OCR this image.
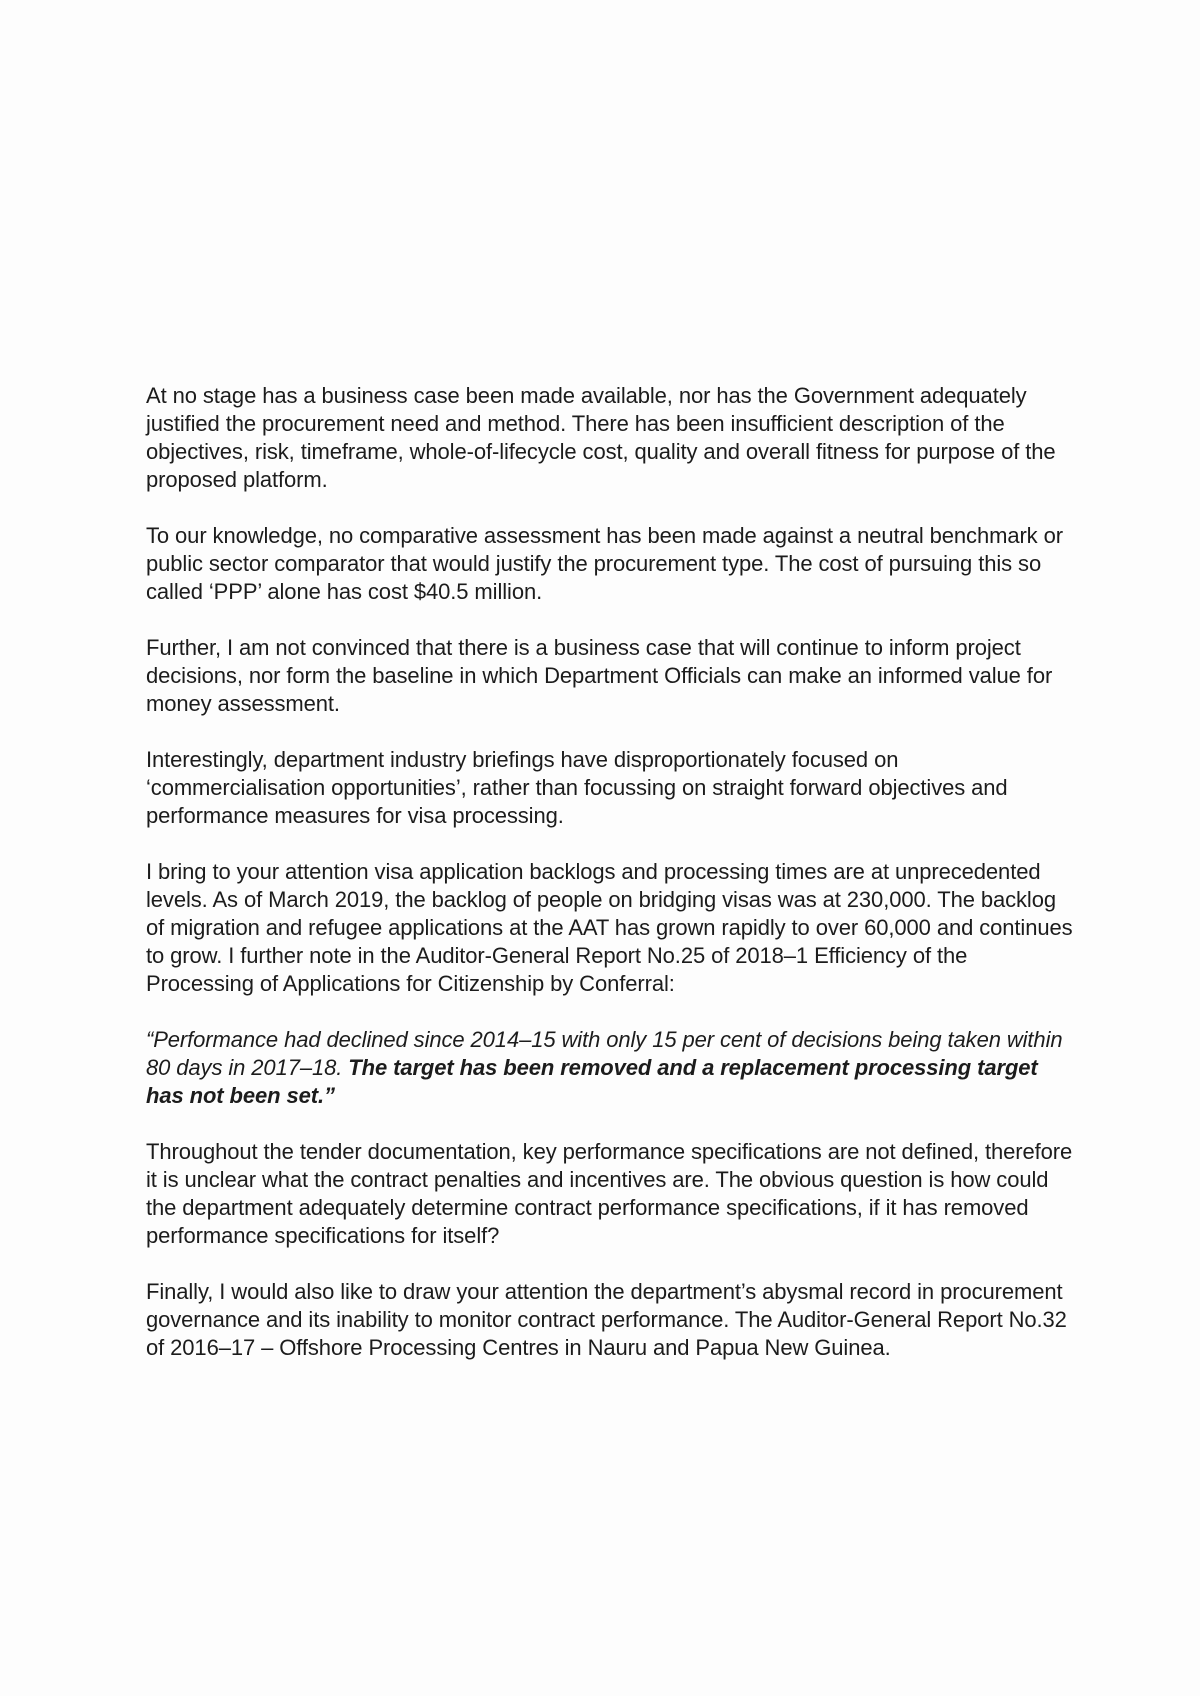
At no stage has a business case been made available, nor has the Government adequately justified the procurement need and method. There has been insufficient description of the objectives, risk, timeframe, whole-of-lifecycle cost, quality and overall fitness for purpose of the proposed platform.

To our knowledge, no comparative assessment has been made against a neutral benchmark or public sector comparator that would justify the procurement type. The cost of pursuing this so called ‘PPP’ alone has cost $40.5 million.

Further, I am not convinced that there is a business case that will continue to inform project decisions, nor form the baseline in which Department Officials can make an informed value for money assessment.

Interestingly, department industry briefings have disproportionately focused on ‘commercialisation opportunities’, rather than focussing on straight forward objectives and performance measures for visa processing.

I bring to your attention visa application backlogs and processing times are at unprecedented levels. As of March 2019, the backlog of people on bridging visas was at 230,000. The backlog of migration and refugee applications at the AAT has grown rapidly to over 60,000 and continues to grow. I further note in the Auditor-General Report No.25 of 2018–1 Efficiency of the Processing of Applications for Citizenship by Conferral:

“Performance had declined since 2014–15 with only 15 per cent of decisions being taken within 80 days in 2017–18. The target has been removed and a replacement processing target has not been set.”

Throughout the tender documentation, key performance specifications are not defined, therefore it is unclear what the contract penalties and incentives are. The obvious question is how could the department adequately determine contract performance specifications, if it has removed performance specifications for itself?

Finally, I would also like to draw your attention the department’s abysmal record in procurement governance and its inability to monitor contract performance. The Auditor-General Report No.32 of 2016–17 – Offshore Processing Centres in Nauru and Papua New Guinea.
